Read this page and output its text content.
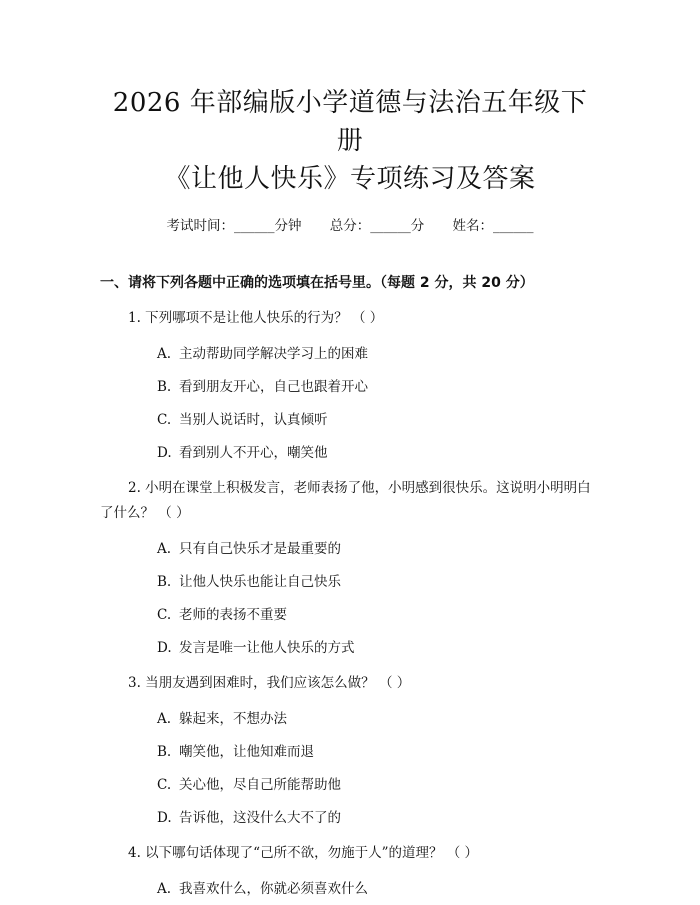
2026 年部编版小学道德与法治五年级下册
《让他人快乐》专项练习及答案
考试时间：______分钟 总分：______分 姓名：______
一、请将下列各题中正确的选项填在括号里。（每题 2 分，共 20 分）
1. 下列哪项不是让他人快乐的行为？ （ ）
A. 主动帮助同学解决学习上的困难
B. 看到朋友开心，自己也跟着开心
C. 当别人说话时，认真倾听
D. 看到别人不开心，嘲笑他
2. 小明在课堂上积极发言，老师表扬了他，小明感到很快乐。这说明小明明白了什么？ （ ）
A. 只有自己快乐才是最重要的
B. 让他人快乐也能让自己快乐
C. 老师的表扬不重要
D. 发言是唯一让他人快乐的方式
3. 当朋友遇到困难时，我们应该怎么做？ （ ）
A. 躲起来，不想办法
B. 嘲笑他，让他知难而退
C. 关心他，尽自己所能帮助他
D. 告诉他，这没什么大不了的
4. 以下哪句话体现了“己所不欲，勿施于人”的道理？ （ ）
A. 我喜欢什么，你就必须喜欢什么
